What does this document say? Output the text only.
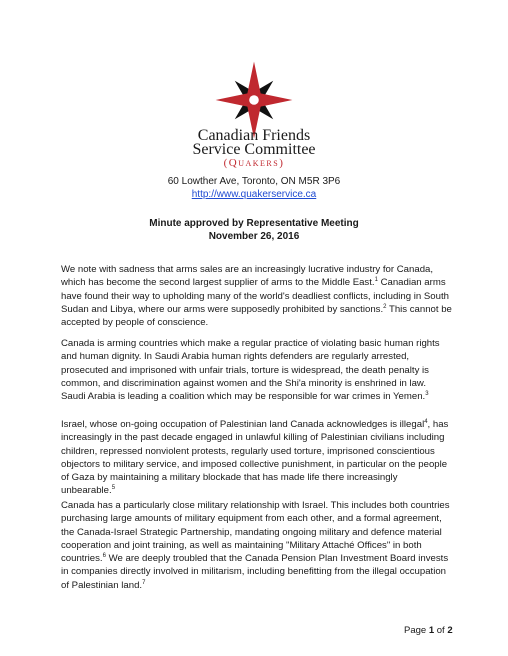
Canadian Friends
Service Committee
(Quakers)
60 Lowther Ave, Toronto, ON M5R 3P6
http://www.quakerservice.ca
Minute approved by Representative Meeting
November 26, 2016
We note with sadness that arms sales are an increasingly lucrative industry for Canada, which has become the second largest supplier of arms to the Middle East.$^1$ Canadian arms have found their way to upholding many of the world's deadliest conflicts, including in South Sudan and Libya, where our arms were supposedly prohibited by sanctions.$^2$ This cannot be accepted by people of conscience.
Canada is arming countries which make a regular practice of violating basic human rights and human dignity. In Saudi Arabia human rights defenders are regularly arrested, prosecuted and imprisoned with unfair trials, torture is widespread, the death penalty is common, and discrimination against women and the Shi'a minority is enshrined in law. Saudi Arabia is leading a coalition which may be responsible for war crimes in Yemen.$^3$
Israel, whose on-going occupation of Palestinian land Canada acknowledges is illegal$^4$, has increasingly in the past decade engaged in unlawful killing of Palestinian civilians including children, repressed nonviolent protests, regularly used torture, imprisoned conscientious objectors to military service, and imposed collective punishment, in particular on the people of Gaza by maintaining a military blockade that has made life there increasingly unbearable.$^5$
Canada has a particularly close military relationship with Israel. This includes both countries purchasing large amounts of military equipment from each other, and a formal agreement, the Canada-Israel Strategic Partnership, mandating ongoing military and defence material cooperation and joint training, as well as maintaining "Military Attaché Offices" in both countries.$^6$ We are deeply troubled that the Canada Pension Plan Investment Board invests in companies directly involved in militarism, including benefitting from the illegal occupation of Palestinian land.$^7$
Page 1 of 2
